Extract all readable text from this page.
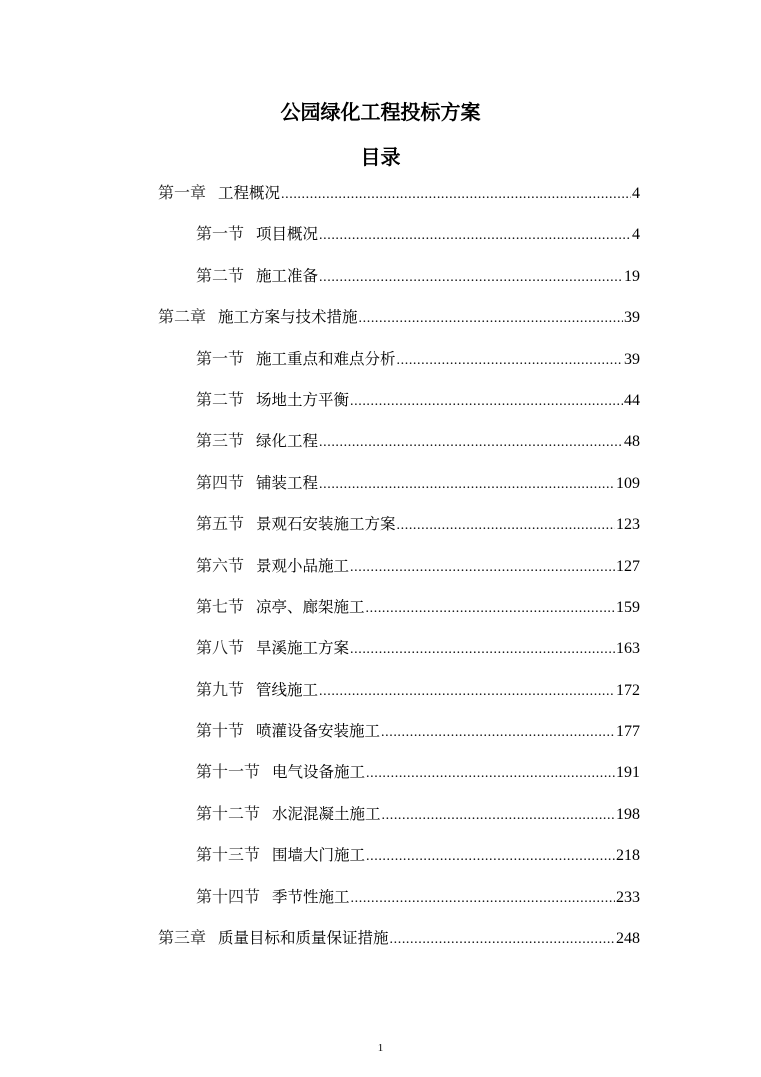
公园绿化工程投标方案
目录
第一章 工程概况 .....	4
第一节 项目概况 .....	4
第二节 施工准备 .....	19
第二章 施工方案与技术措施 .....	39
第一节 施工重点和难点分析 .....	39
第二节 场地土方平衡 .....	44
第三节 绿化工程 .....	48
第四节 铺装工程 .....	109
第五节 景观石安装施工方案 .....	123
第六节 景观小品施工 .....	127
第七节 凉亭、廊架施工 .....	159
第八节 旱溪施工方案 .....	163
第九节 管线施工 .....	172
第十节 喷灌设备安装施工 .....	177
第十一节 电气设备施工 .....	191
第十二节 水泥混凝土施工 .....	198
第十三节 围墙大门施工 .....	218
第十四节 季节性施工 .....	233
第三章 质量目标和质量保证措施 .....	248
1
